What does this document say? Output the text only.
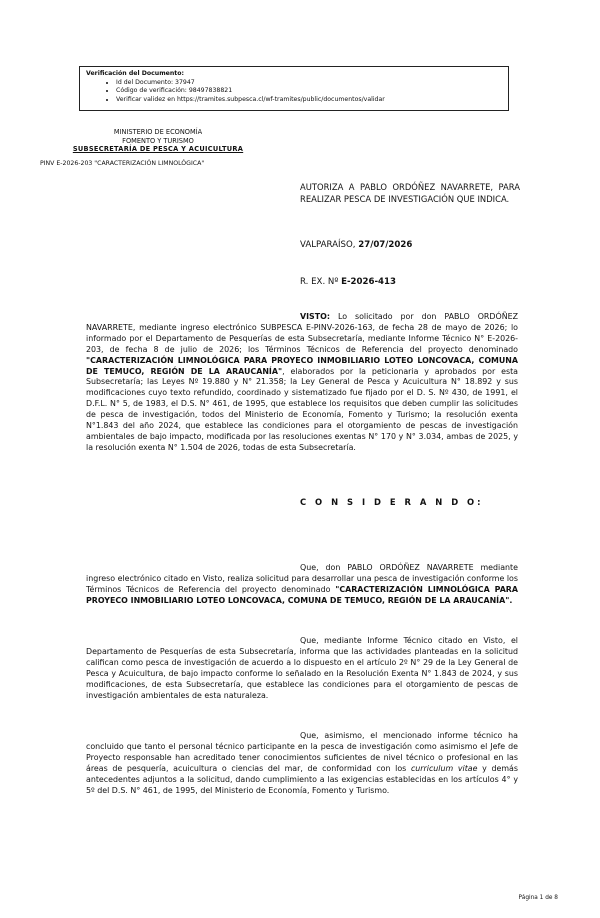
Verificación del Documento:
• Id del Documento: 37947
• Código de verificación: 98497838821
• Verificar validez en https://tramites.subpesca.cl/wf-tramites/public/documentos/validar
MINISTERIO DE ECONOMÍA
FOMENTO Y TURISMO
SUBSECRETARÍA DE PESCA Y ACUICULTURA
PINV E-2026-203 "CARACTERIZACIÓN LIMNOLÓGICA"
AUTORIZA A PABLO ORDÓÑEZ NAVARRETE, PARA REALIZAR PESCA DE INVESTIGACIÓN QUE INDICA.
VALPARAÍSO, 27/07/2026
R. EX. Nº E-2026-413
VISTO: Lo solicitado por don PABLO ORDÓÑEZ NAVARRETE, mediante ingreso electrónico SUBPESCA E-PINV-2026-163, de fecha 28 de mayo de 2026; lo informado por el Departamento de Pesquerías de esta Subsecretaría, mediante Informe Técnico N° E-2026-203, de fecha 8 de julio de 2026; los Términos Técnicos de Referencia del proyecto denominado "CARACTERIZACIÓN LIMNOLÓGICA PARA PROYECO INMOBILIARIO LOTEO LONCOVACA, COMUNA DE TEMUCO, REGIÓN DE LA ARAUCANÍA", elaborados por la peticionaria y aprobados por esta Subsecretaría; las Leyes Nº 19.880 y N° 21.358; la Ley General de Pesca y Acuicultura N° 18.892 y sus modificaciones cuyo texto refundido, coordinado y sistematizado fue fijado por el D. S. Nº 430, de 1991, el D.F.L. N° 5, de 1983, el D.S. N° 461, de 1995, que establece los requisitos que deben cumplir las solicitudes de pesca de investigación, todos del Ministerio de Economía, Fomento y Turismo; la resolución exenta N°1.843 del año 2024, que establece las condiciones para el otorgamiento de pescas de investigación ambientales de bajo impacto, modificada por las resoluciones exentas N° 170 y N° 3.034, ambas de 2025, y la resolución exenta N° 1.504 de 2026, todas de esta Subsecretaría.
C O N S I D E R A N D O:
Que, don PABLO ORDÓÑEZ NAVARRETE mediante ingreso electrónico citado en Visto, realiza solicitud para desarrollar una pesca de investigación conforme los Términos Técnicos de Referencia del proyecto denominado "CARACTERIZACIÓN LIMNOLÓGICA PARA PROYECO INMOBILIARIO LOTEO LONCOVACA, COMUNA DE TEMUCO, REGIÓN DE LA ARAUCANÍA".
Que, mediante Informe Técnico citado en Visto, el Departamento de Pesquerías de esta Subsecretaría, informa que las actividades planteadas en la solicitud califican como pesca de investigación de acuerdo a lo dispuesto en el artículo 2º N° 29 de la Ley General de Pesca y Acuicultura, de bajo impacto conforme lo señalado en la Resolución Exenta N° 1.843 de 2024, y sus modificaciones, de esta Subsecretaría, que establece las condiciones para el otorgamiento de pescas de investigación ambientales de esta naturaleza.
Que, asimismo, el mencionado informe técnico ha concluido que tanto el personal técnico participante en la pesca de investigación como asimismo el Jefe de Proyecto responsable han acreditado tener conocimientos suficientes de nivel técnico o profesional en las áreas de pesquería, acuicultura o ciencias del mar, de conformidad con los curriculum vitae y demás antecedentes adjuntos a la solicitud, dando cumplimiento a las exigencias establecidas en los artículos 4° y 5º del D.S. N° 461, de 1995, del Ministerio de Economía, Fomento y Turismo.
Página 1 de 8
